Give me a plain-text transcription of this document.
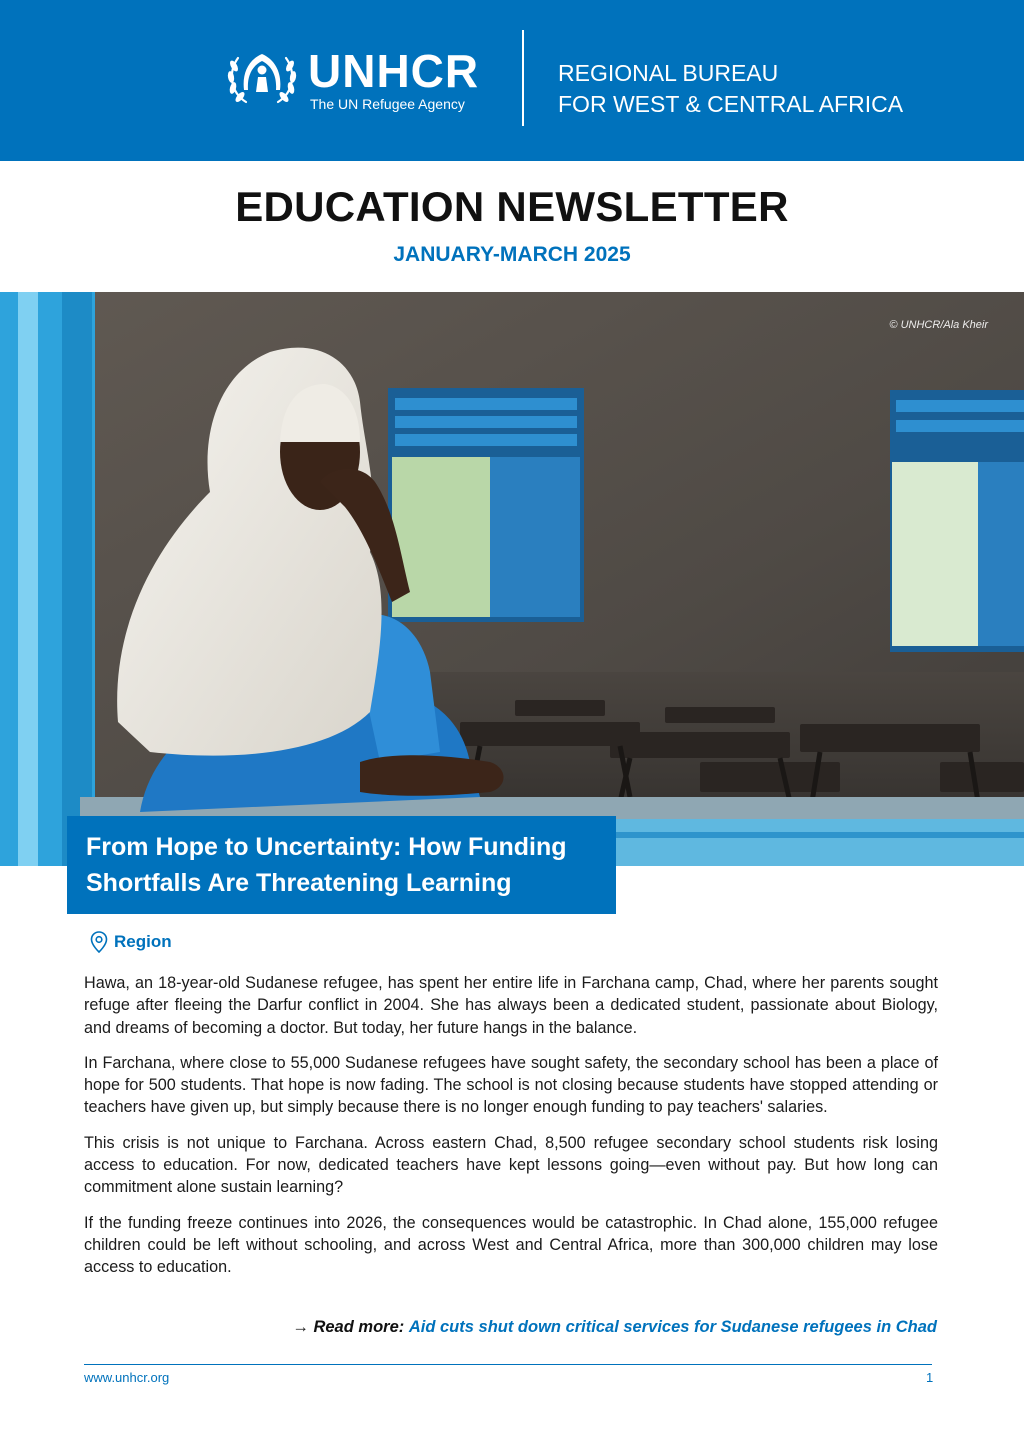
UNHCR
The UN Refugee Agency
REGIONAL BUREAU
FOR WEST & CENTRAL AFRICA
EDUCATION NEWSLETTER
JANUARY-MARCH 2025
© UNHCR/Ala Kheir
From Hope to Uncertainty: How Funding
Shortfalls Are Threatening Learning
Region

Hawa, an 18-year-old Sudanese refugee, has spent her entire life in Farchana camp, Chad, where her parents sought refuge after fleeing the Darfur conflict in 2004. She has always been a dedicated student, passionate about Biology, and dreams of becoming a doctor. But today, her future hangs in the balance.

In Farchana, where close to 55,000 Sudanese refugees have sought safety, the secondary school has been a place of hope for 500 students. That hope is now fading. The school is not closing because students have stopped attending or teachers have given up, but simply because there is no longer enough funding to pay teachers' salaries.

This crisis is not unique to Farchana. Across eastern Chad, 8,500 refugee secondary school students risk losing access to education. For now, dedicated teachers have kept lessons going—even without pay. But how long can commitment alone sustain learning?

If the funding freeze continues into 2026, the consequences would be catastrophic. In Chad alone, 155,000 refugee children could be left without schooling, and across West and Central Africa, more than 300,000 children may lose access to education.

→ Read more: Aid cuts shut down critical services for Sudanese refugees in Chad
www.unhcr.org	1
